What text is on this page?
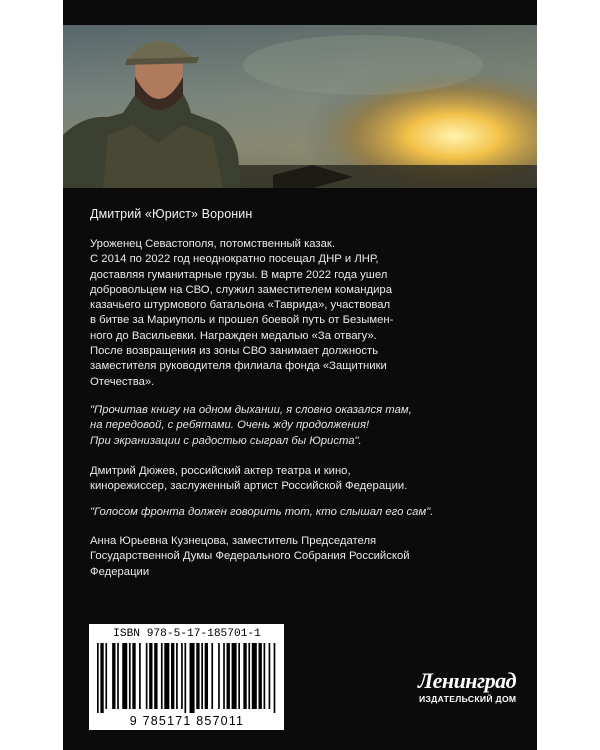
Дмитрий «Юрист» Воронин
Уроженец Севастополя, потомственный казак.
С 2014 по 2022 год неоднократно посещал ДНР и ЛНР,
доставляя гуманитарные грузы. В марте 2022 года ушел
добровольцем на СВО, служил заместителем командира
казачьего штурмового батальона «Таврида», участвовал
в битве за Мариуполь и прошел боевой путь от Безымен-
ного до Васильевки. Награжден медалью «За отвагу».
После возвращения из зоны СВО занимает должность
заместителя руководителя филиала фонда «Защитники
Отечества».
"Прочитав книгу на одном дыхании, я словно оказался там,
на передовой, с ребятами. Очень жду продолжения!
При экранизации с радостью сыграл бы Юриста".
Дмитрий Дюжев, российский актер театра и кино,
кинорежиссер, заслуженный артист Российской Федерации.
"Голосом фронта должен говорить тот, кто слышал его сам".
Анна Юрьевна Кузнецова, заместитель Председателя
Государственной Думы Федерального Собрания Российской
Федерации
ISBN 978-5-17-185701-1
9 785171 857011
Ленинград
ИЗДАТЕЛЬСКИЙ ДОМ
